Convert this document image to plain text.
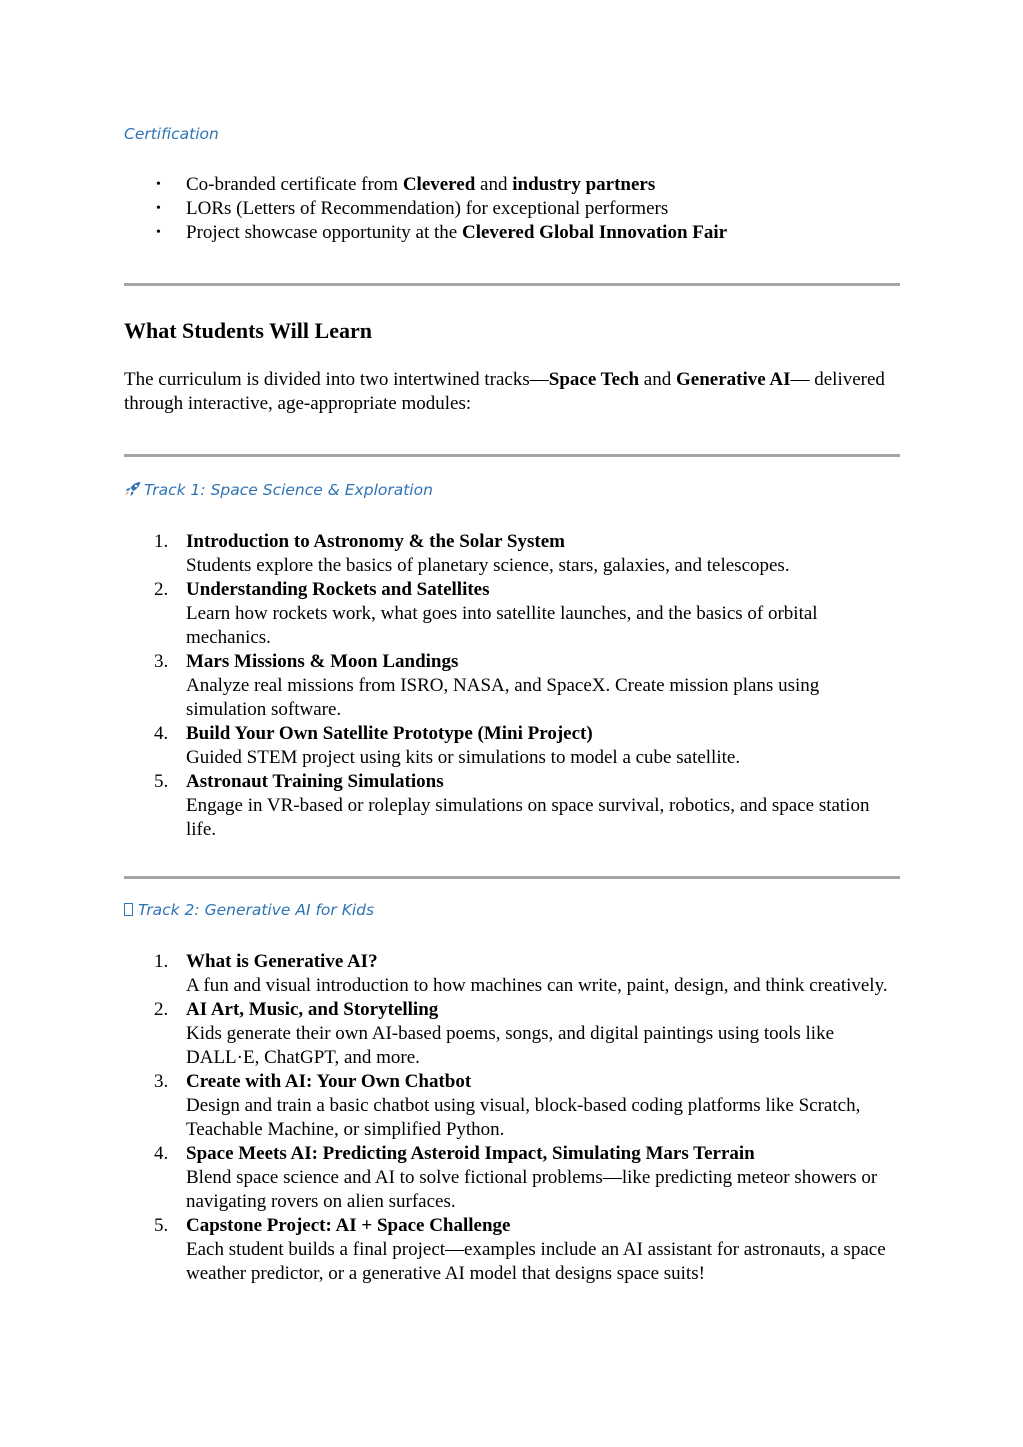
Certification

• Co-branded certificate from Clevered and industry partners
• LORs (Letters of Recommendation) for exceptional performers
• Project showcase opportunity at the Clevered Global Innovation Fair
What Students Will Learn

The curriculum is divided into two intertwined tracks—Space Tech and Generative AI— delivered through interactive, age-appropriate modules:

Track 1: Space Science & Exploration

1. Introduction to Astronomy & the Solar System
Students explore the basics of planetary science, stars, galaxies, and telescopes.
2. Understanding Rockets and Satellites
Learn how rockets work, what goes into satellite launches, and the basics of orbital mechanics.
3. Mars Missions & Moon Landings
Analyze real missions from ISRO, NASA, and SpaceX. Create mission plans using simulation software.
4. Build Your Own Satellite Prototype (Mini Project)
Guided STEM project using kits or simulations to model a cube satellite.
5. Astronaut Training Simulations
Engage in VR-based or roleplay simulations on space survival, robotics, and space station life.

Track 2: Generative AI for Kids

1. What is Generative AI?
A fun and visual introduction to how machines can write, paint, design, and think creatively.
2. AI Art, Music, and Storytelling
Kids generate their own AI-based poems, songs, and digital paintings using tools like DALL·E, ChatGPT, and more.
3. Create with AI: Your Own Chatbot
Design and train a basic chatbot using visual, block-based coding platforms like Scratch, Teachable Machine, or simplified Python.
4. Space Meets AI: Predicting Asteroid Impact, Simulating Mars Terrain
Blend space science and AI to solve fictional problems—like predicting meteor showers or navigating rovers on alien surfaces.
5. Capstone Project: AI + Space Challenge
Each student builds a final project—examples include an AI assistant for astronauts, a space weather predictor, or a generative AI model that designs space suits!
